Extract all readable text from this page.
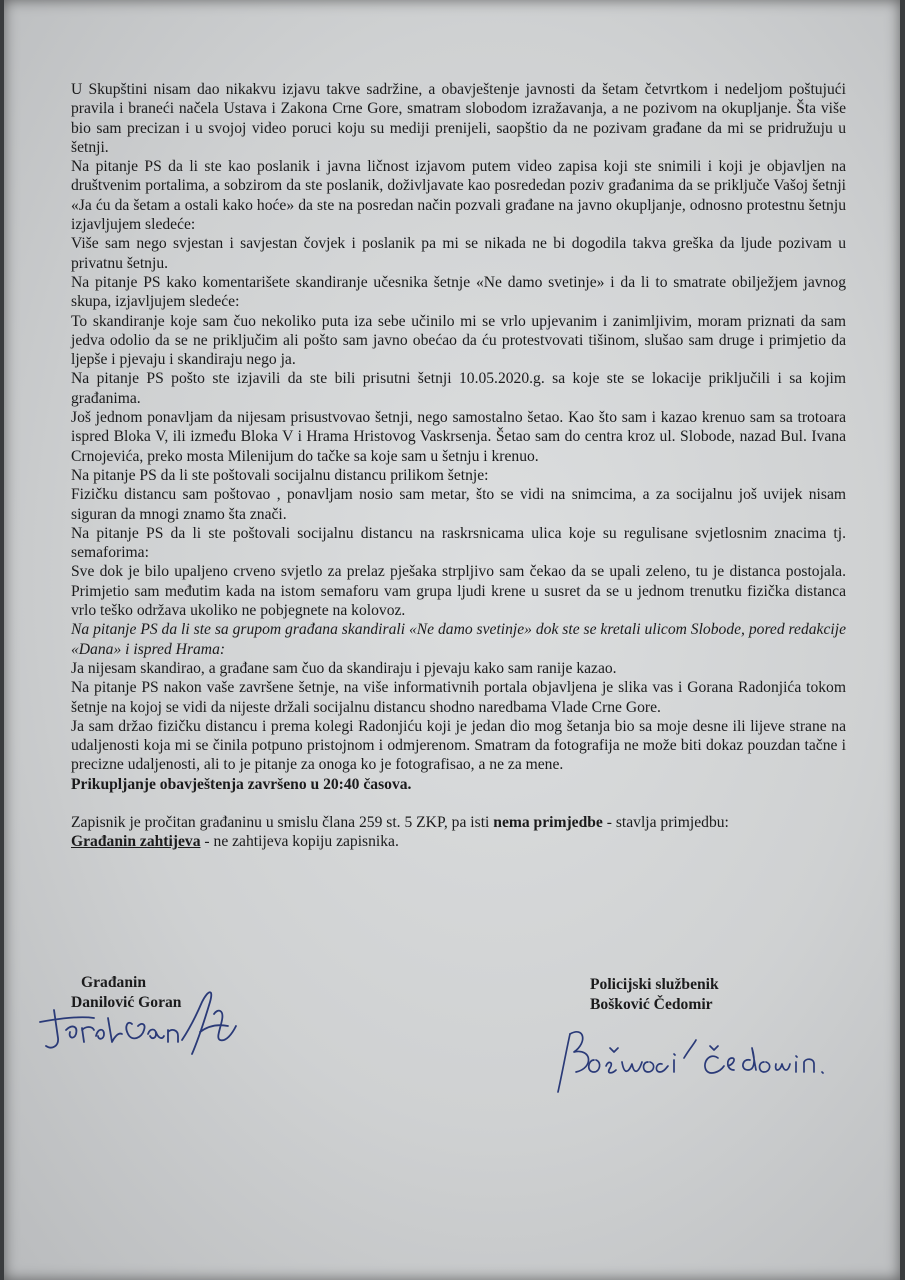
U Skupštini nisam dao nikakvu izjavu takve sadržine, a obavještenje javnosti da šetam četvrtkom i nedeljom poštujući pravila i braneći načela Ustava i Zakona Crne Gore, smatram slobodom izražavanja, a ne pozivom na okupljanje. Šta više bio sam precizan i u svojoj video poruci koju su mediji prenijeli, saopštio da ne pozivam građane da mi se pridružuju u šetnji.

Na pitanje PS da li ste kao poslanik i javna ličnost izjavom putem video zapisa koji ste snimili i koji je objavljen na društvenim portalima, a sobzirom da ste poslanik, doživljavate kao posrededan poziv građanima da se priključe Vašoj šetnji «Ja ću da šetam a ostali kako hoće» da ste na posredan način pozvali građane na javno okupljanje, odnosno protestnu šetnju izjavljujem sledeće:

Više sam nego svjestan i savjestan čovjek i poslanik pa mi se nikada ne bi dogodila takva greška da ljude pozivam u privatnu šetnju.

Na pitanje PS kako komentarišete skandiranje učesnika šetnje «Ne damo svetinje» i da li to smatrate obilježjem javnog skupa, izjavljujem sledeće:

To skandiranje koje sam čuo nekoliko puta iza sebe učinilo mi se vrlo upjevanim i zanimljivim, moram priznati da sam jedva odolio da se ne priključim ali pošto sam javno obećao da ću protestvovati tišinom, slušao sam druge i primjetio da ljepše i pjevaju i skandiraju nego ja.

Na pitanje PS pošto ste izjavili da ste bili prisutni šetnji 10.05.2020.g. sa koje ste se lokacije priključili i sa kojim građanima.

Još jednom ponavljam da nijesam prisustvovao šetnji, nego samostalno šetao. Kao što sam i kazao krenuo sam sa trotoara ispred Bloka V, ili između Bloka V i Hrama Hristovog Vaskrsenja. Šetao sam do centra kroz ul. Slobode, nazad Bul. Ivana Crnojevića, preko mosta Milenijum do tačke sa koje sam u šetnju i krenuo.

Na pitanje PS da li ste poštovali socijalnu distancu prilikom šetnje:

Fizičku distancu sam poštovao , ponavljam nosio sam metar, što se vidi na snimcima, a za socijalnu još uvijek nisam siguran da mnogi znamo šta znači.

Na pitanje PS da li ste poštovali socijalnu distancu na raskrsnicama ulica koje su regulisane svjetlosnim znacima tj. semaforima:

Sve dok je bilo upaljeno crveno svjetlo za prelaz pješaka strpljivo sam čekao da se upali zeleno, tu je distanca postojala. Primjetio sam međutim kada na istom semaforu vam grupa ljudi krene u susret da se u jednom trenutku fizička distanca vrlo teško održava ukoliko ne pobjegnete na kolovoz.

Na pitanje PS da li ste sa grupom građana skandirali «Ne damo svetinje» dok ste se kretali ulicom Slobode, pored redakcije «Dana» i ispred Hrama:

Ja nijesam skandirao, a građane sam čuo da skandiraju i pjevaju kako sam ranije kazao.

Na pitanje PS nakon vaše završene šetnje, na više informativnih portala objavljena je slika vas i Gorana Radonjića tokom šetnje na kojoj se vidi da nijeste držali socijalnu distancu shodno naredbama Vlade Crne Gore.

Ja sam držao fizičku distancu i prema kolegi Radonjiću koji je jedan dio mog šetanja bio sa moje desne ili lijeve strane na udaljenosti koja mi se činila potpuno pristojnom i odmjerenom. Smatram da fotografija ne može biti dokaz pouzdan tačne i precizne udaljenosti, ali to je pitanje za onoga ko je fotografisao, a ne za mene.

Prikupljanje obavještenja završeno u 20:40 časova.

Zapisnik je pročitan građaninu u smislu člana 259 st. 5 ZKP, pa isti nema primjedbe - stavlja primjedbu:
Građanin zahtijeva - ne zahtijeva kopiju zapisnika.

Građanin
Danilović Goran
Policijski službenik
Bošković Čedomir
